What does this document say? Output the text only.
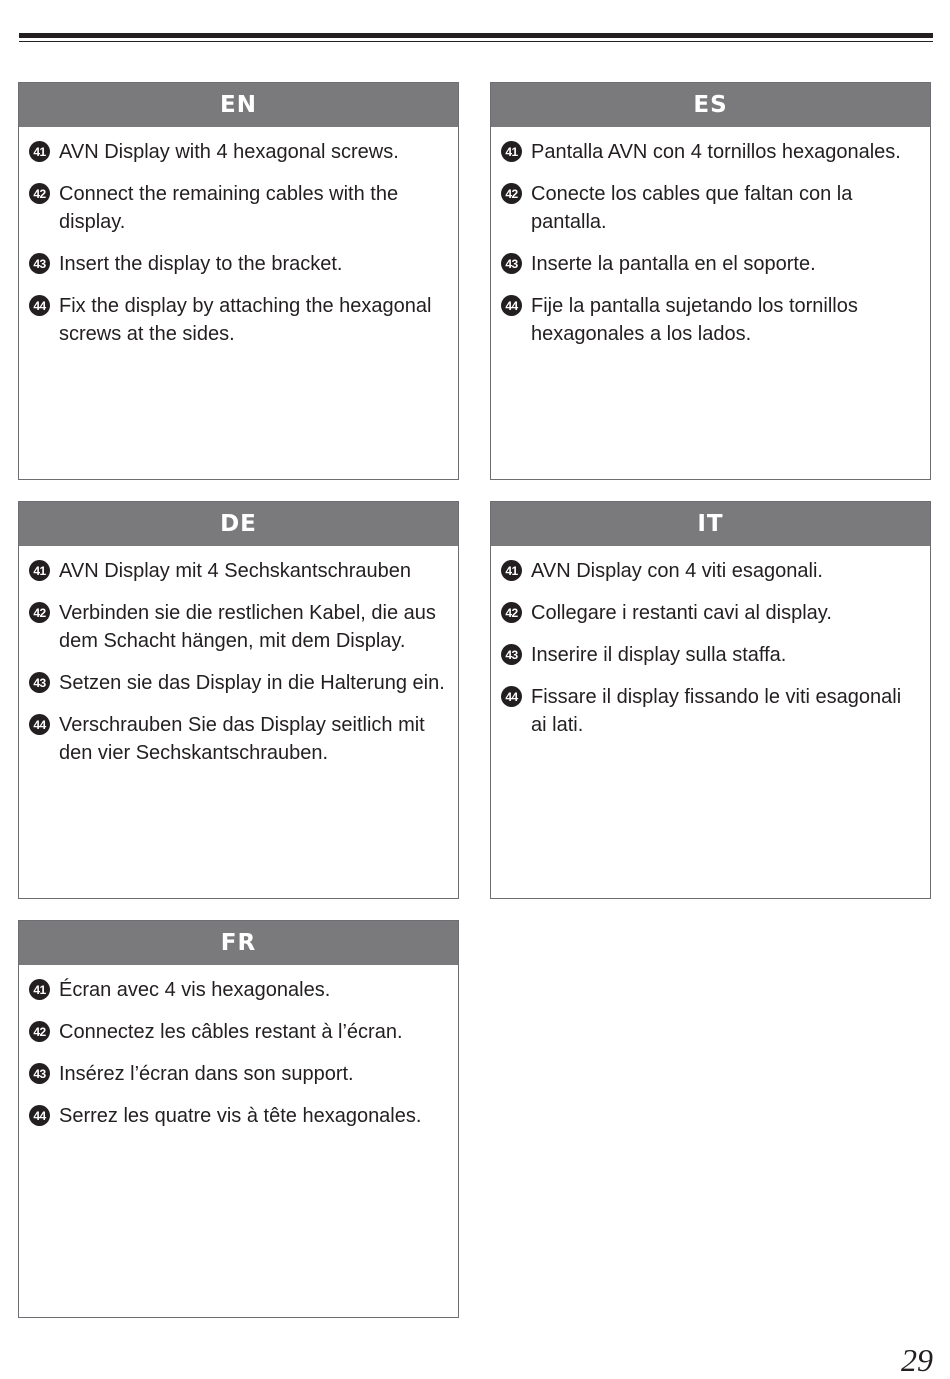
EN
41 AVN Display with 4 hexagonal screws.
42 Connect the remaining cables with the display.
43 Insert the display to the bracket.
44 Fix the display by attaching the hexagonal screws at the sides.
ES
41 Pantalla AVN con 4 tornillos hexagonales.
42 Conecte los cables que faltan con la pantalla.
43 Inserte la pantalla en el soporte.
44 Fije la pantalla sujetando los tornillos hexagonales a los lados.
DE
41 AVN Display mit 4 Sechskantschrauben
42 Verbinden sie die restlichen Kabel, die aus dem Schacht hängen, mit dem Display.
43 Setzen sie das Display in die Halterung ein.
44 Verschrauben Sie das Display seitlich mit den vier Sechskantschrauben.
IT
41 AVN Display con 4 viti esagonali.
42 Collegare i restanti cavi al display.
43 Inserire il display sulla staffa.
44 Fissare il display fissando le viti esagonali ai lati.
FR
41 Écran avec 4 vis hexagonales.
42 Connectez les câbles restant à l’écran.
43 Insérez l’écran dans son support.
44 Serrez les quatre vis à tête hexagonales.
29
